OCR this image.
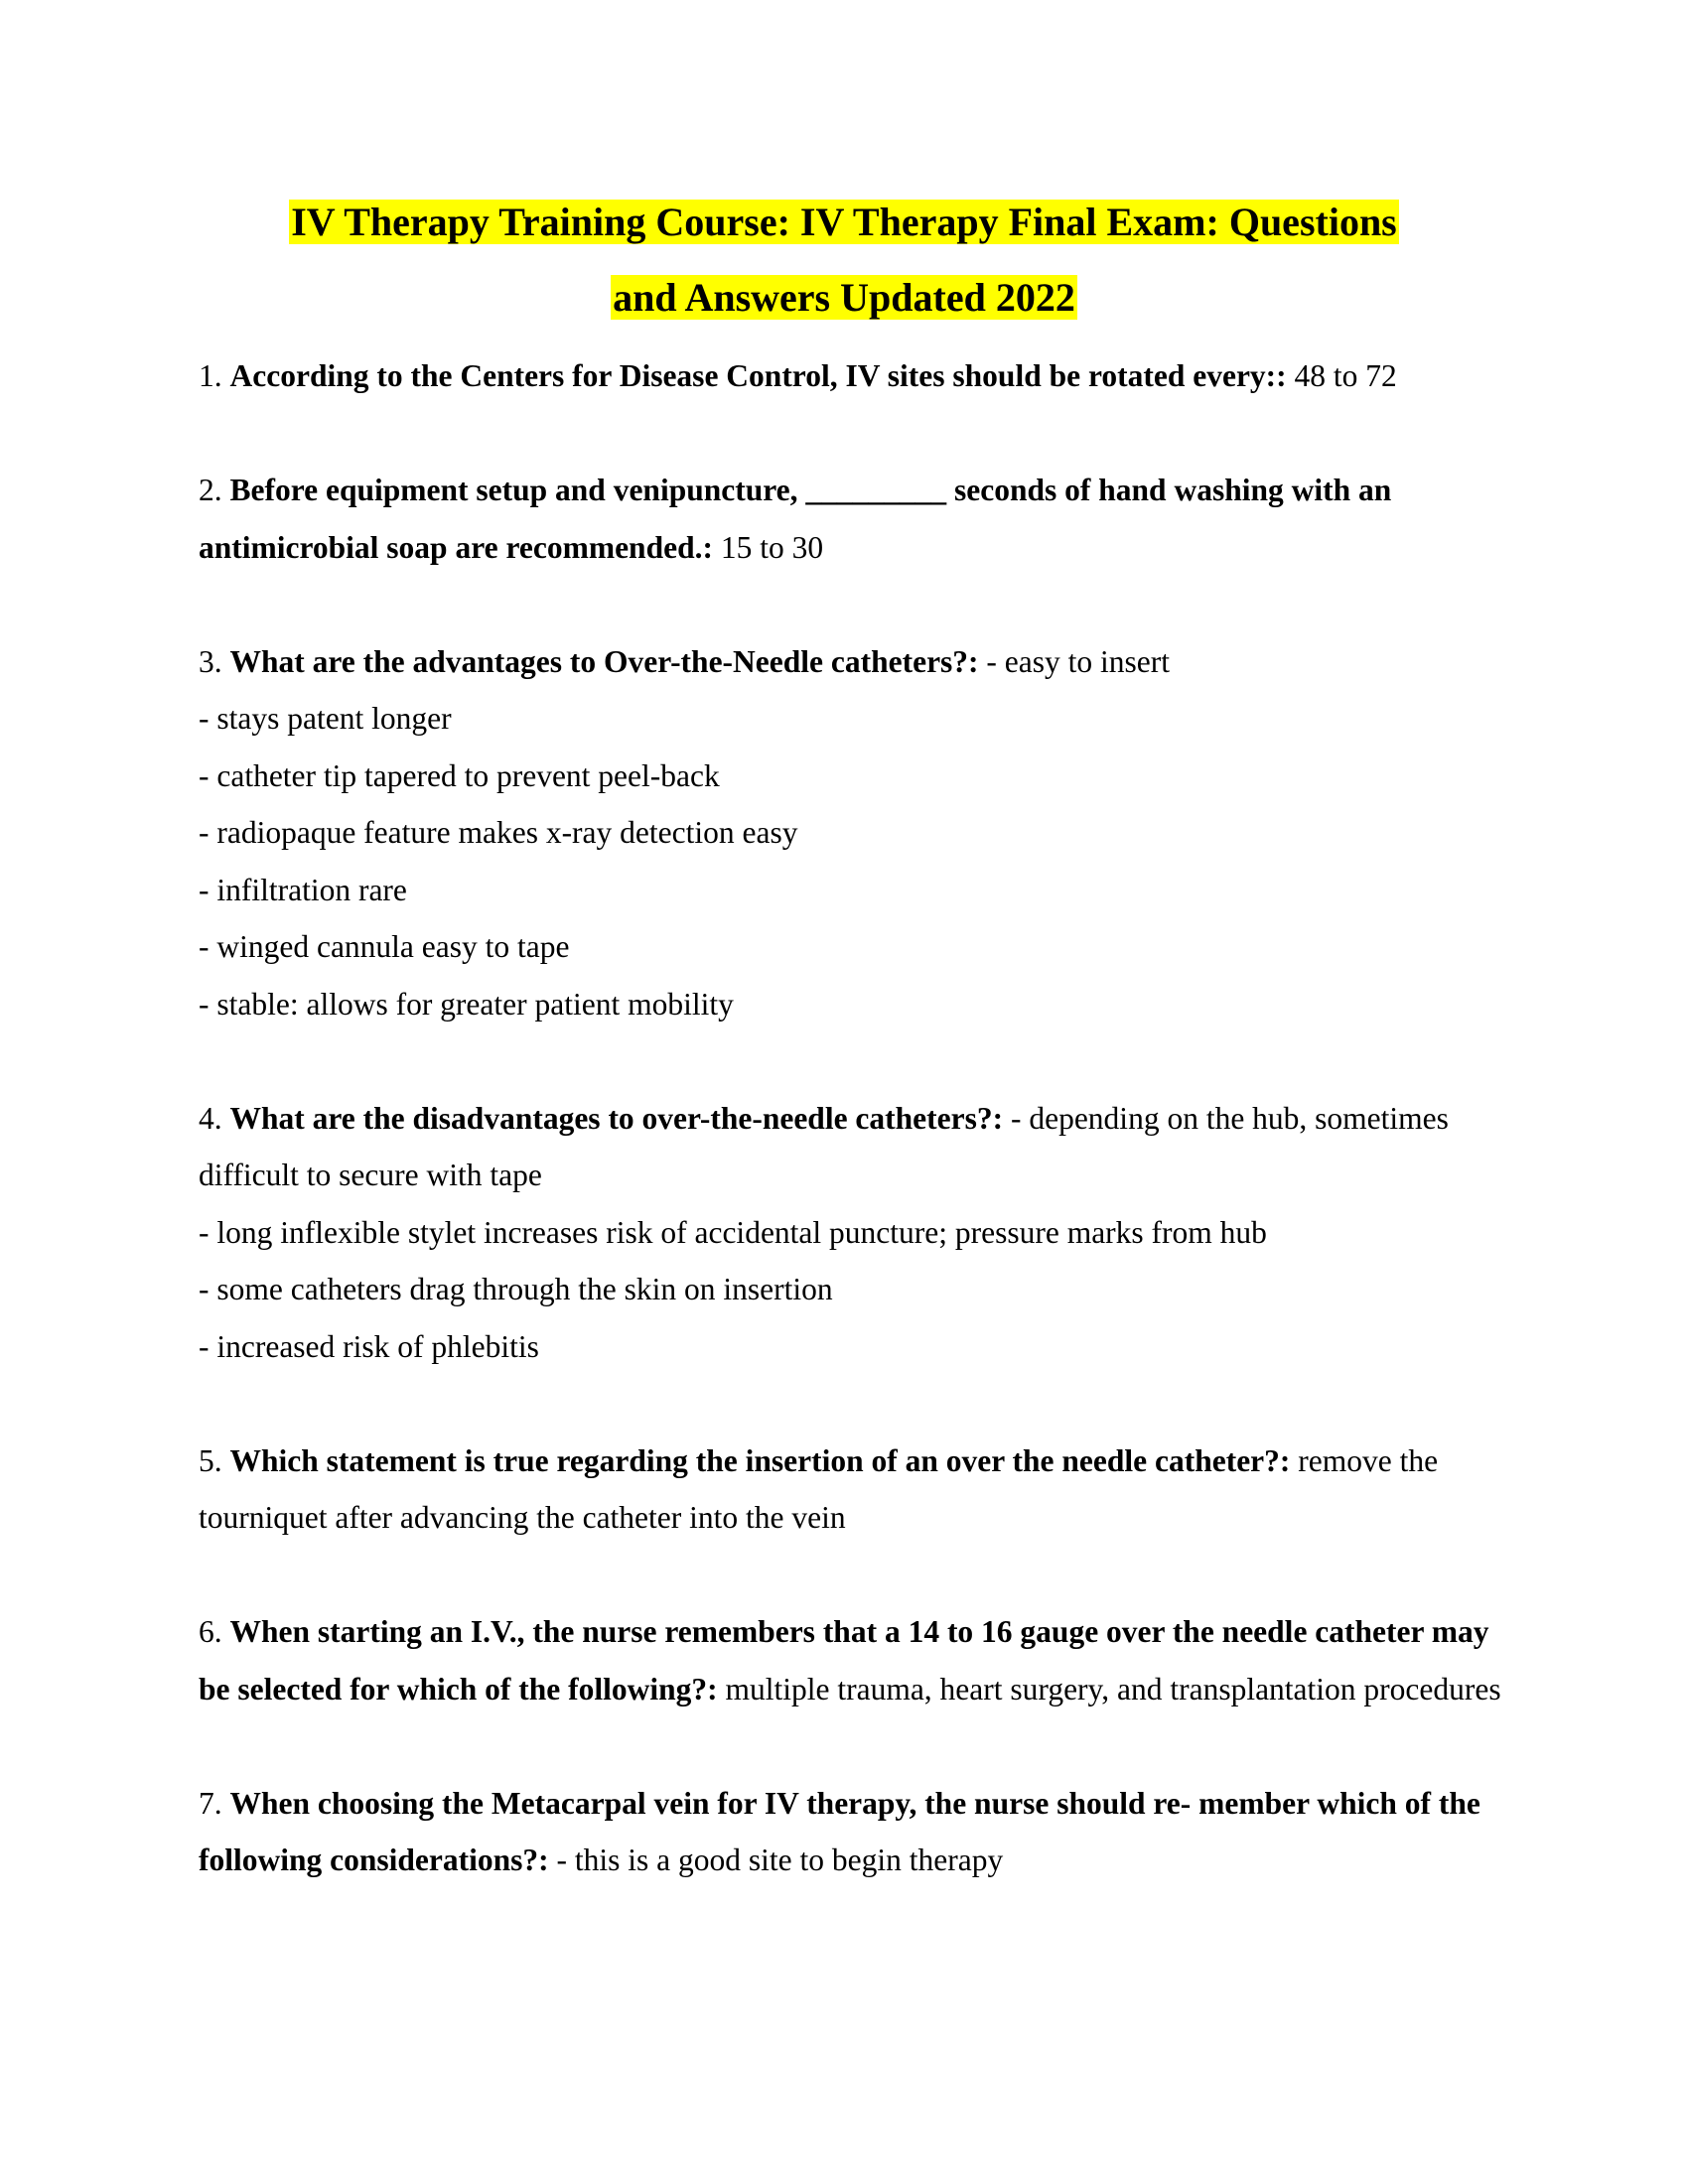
IV Therapy Training Course: IV Therapy Final Exam: Questions
and Answers Updated 2022
1. According to the Centers for Disease Control, IV sites should be rotated every:: 48 to 72
2. Before equipment setup and venipuncture, _________ seconds of hand washing with an antimicrobial soap are recommended.: 15 to 30
3. What are the advantages to Over-the-Needle catheters?: - easy to insert
- stays patent longer
- catheter tip tapered to prevent peel-back
- radiopaque feature makes x-ray detection easy
- infiltration rare
- winged cannula easy to tape
- stable: allows for greater patient mobility
4. What are the disadvantages to over-the-needle catheters?: - depending on the hub, sometimes difficult to secure with tape
- long inflexible stylet increases risk of accidental puncture; pressure marks from hub
- some catheters drag through the skin on insertion
- increased risk of phlebitis
5. Which statement is true regarding the insertion of an over the needle catheter?: remove the tourniquet after advancing the catheter into the vein
6. When starting an I.V., the nurse remembers that a 14 to 16 gauge over the needle catheter may be selected for which of the following?: multiple trauma, heart surgery, and transplantation procedures
7. When choosing the Metacarpal vein for IV therapy, the nurse should re- member which of the following considerations?: - this is a good site to begin therapy
